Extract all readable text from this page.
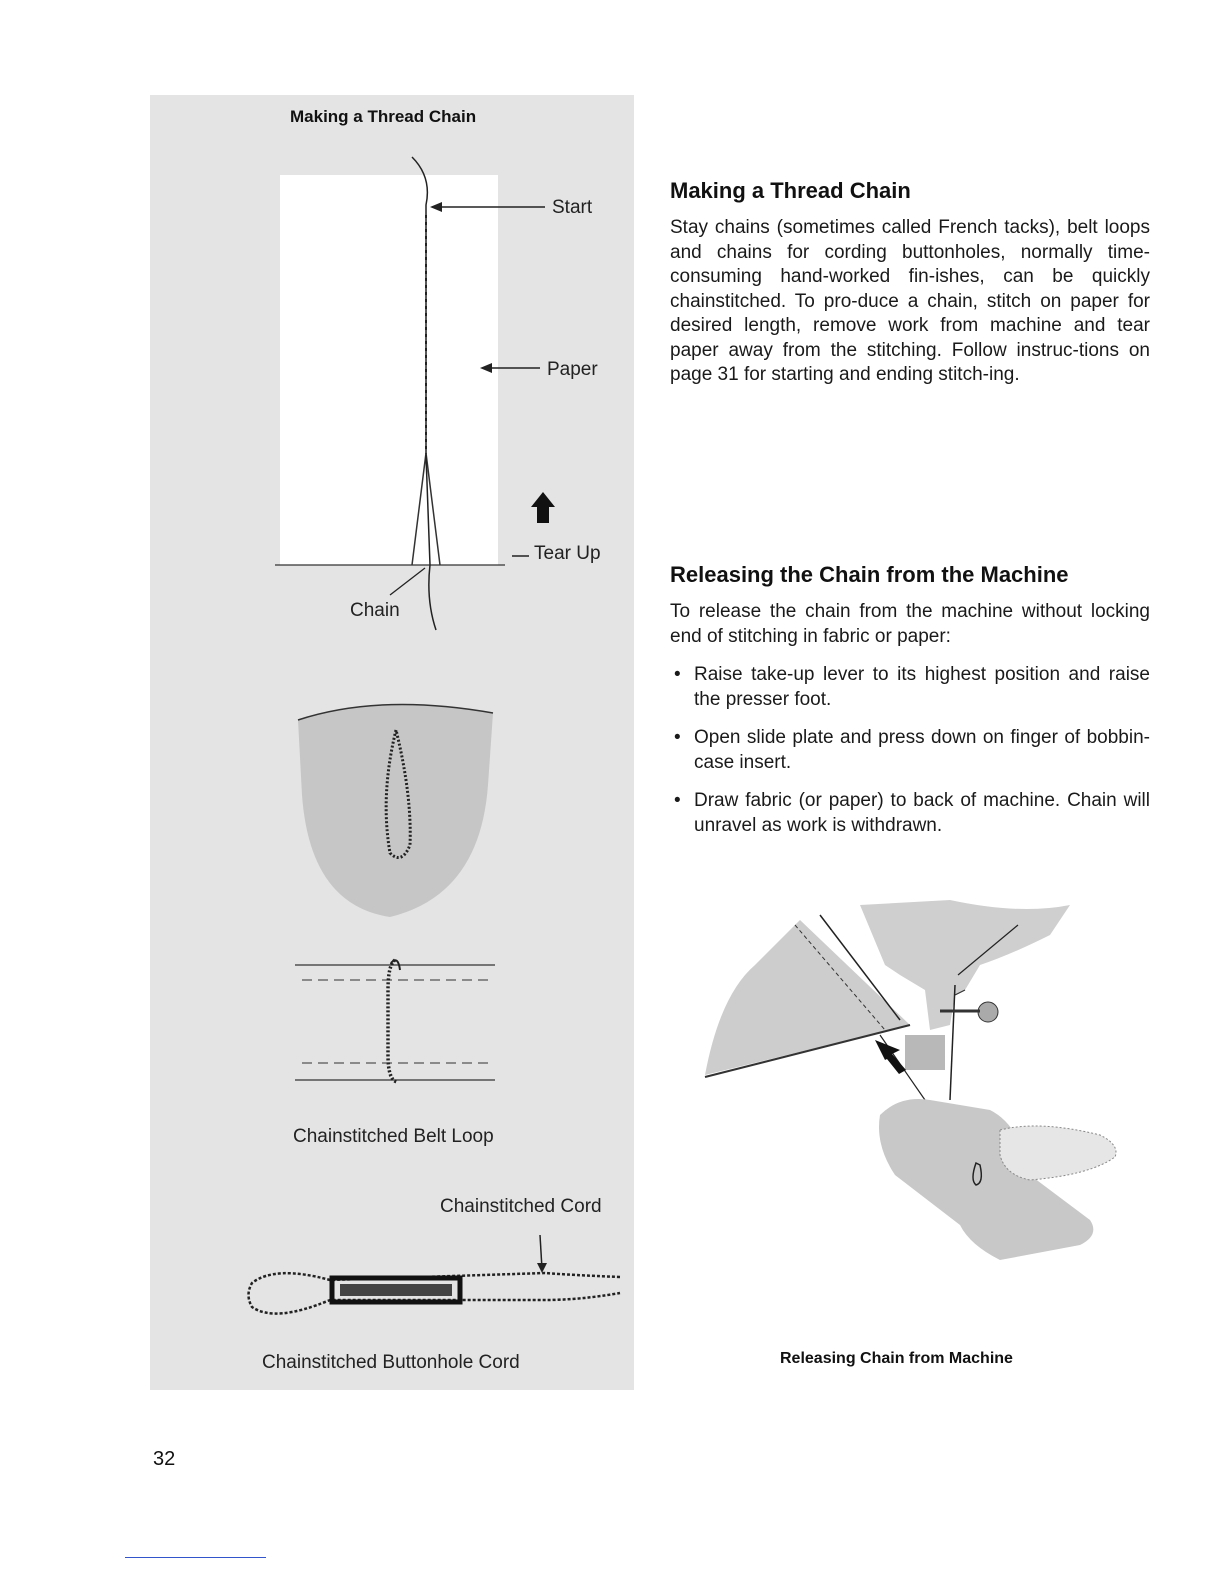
Making a Thread Chain
Start
Paper
Tear Up
Chain
Chainstitched Belt Loop
Chainstitched Cord
Chainstitched Buttonhole Cord
Making a Thread Chain

Stay chains (sometimes called French tacks), belt loops and chains for cording buttonholes, normally time-consuming hand-worked fin-ishes, can be quickly chainstitched. To pro-duce a chain, stitch on paper for desired length, remove work from machine and tear paper away from the stitching. Follow instruc-tions on page 31 for starting and ending stitch-ing.

Releasing the Chain from the Machine

To release the chain from the machine without locking end of stitching in fabric or paper:

• Raise take-up lever to its highest position and raise the presser foot.
• Open slide plate and press down on finger of bobbin-case insert.
• Draw fabric (or paper) to back of machine. Chain will unravel as work is withdrawn.
Releasing Chain from Machine
32
